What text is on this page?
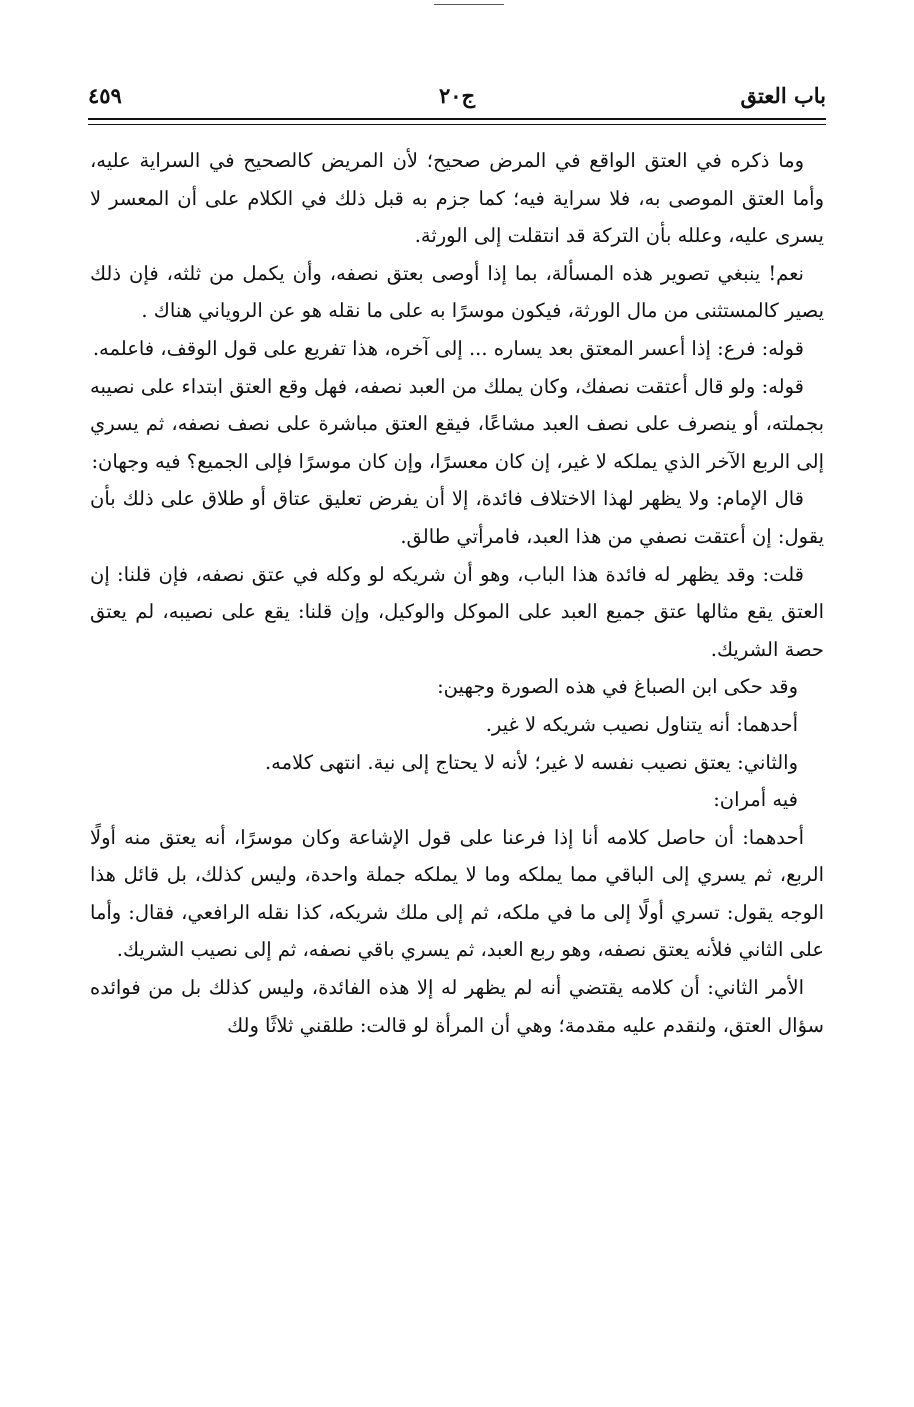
باب العتق
ج٢٠
٤٥٩

وما ذكره في العتق الواقع في المرض صحيح؛ لأن المريض كالصحيح في السراية عليه، وأما العتق الموصى به، فلا سراية فيه؛ كما جزم به قبل ذلك في الكلام على أن المعسر لا يسرى عليه، وعلله بأن التركة قد انتقلت إلى الورثة.

نعم! ينبغي تصوير هذه المسألة، بما إذا أوصى بعتق نصفه، وأن يكمل من ثلثه، فإن ذلك يصير كالمستثنى من مال الورثة، فيكون موسرًا به على ما نقله هو عن الروياني هناك .

قوله: فرع: إذا أعسر المعتق بعد يساره ... إلى آخره، هذا تفريع على قول الوقف، فاعلمه.

قوله: ولو قال أعتقت نصفك، وكان يملك من العبد نصفه، فهل وقع العتق ابتداء على نصيبه بجملته، أو ينصرف على نصف العبد مشاعًا، فيقع العتق مباشرة على نصف نصفه، ثم يسري إلى الربع الآخر الذي يملكه لا غير، إن كان معسرًا، وإن كان موسرًا فإلى الجميع؟ فيه وجهان:

قال الإمام: ولا يظهر لهذا الاختلاف فائدة، إلا أن يفرض تعليق عتاق أو طلاق على ذلك بأن يقول: إن أعتقت نصفي من هذا العبد، فامرأتي طالق.

قلت: وقد يظهر له فائدة هذا الباب، وهو أن شريكه لو وكله في عتق نصفه، فإن قلنا: إن العتق يقع مثالها عتق جميع العبد على الموكل والوكيل، وإن قلنا: يقع على نصيبه، لم يعتق حصة الشريك.

وقد حكى ابن الصباغ في هذه الصورة وجهين:

أحدهما: أنه يتناول نصيب شريكه لا غير.

والثاني: يعتق نصيب نفسه لا غير؛ لأنه لا يحتاج إلى نية. انتهى كلامه.

فيه أمران:

أحدهما: أن حاصل كلامه أنا إذا فرعنا على قول الإشاعة وكان موسرًا، أنه يعتق منه أولًا الربع، ثم يسري إلى الباقي مما يملكه وما لا يملكه جملة واحدة، وليس كذلك، بل قائل هذا الوجه يقول: تسري أولًا إلى ما في ملكه، ثم إلى ملك شريكه، كذا نقله الرافعي، فقال: وأما على الثاني فلأنه يعتق نصفه، وهو ربع العبد، ثم يسري باقي نصفه، ثم إلى نصيب الشريك.

الأمر الثاني: أن كلامه يقتضي أنه لم يظهر له إلا هذه الفائدة، وليس كذلك بل من فوائده سؤال العتق، ولنقدم عليه مقدمة؛ وهي أن المرأة لو قالت: طلقني ثلاثًا ولك
